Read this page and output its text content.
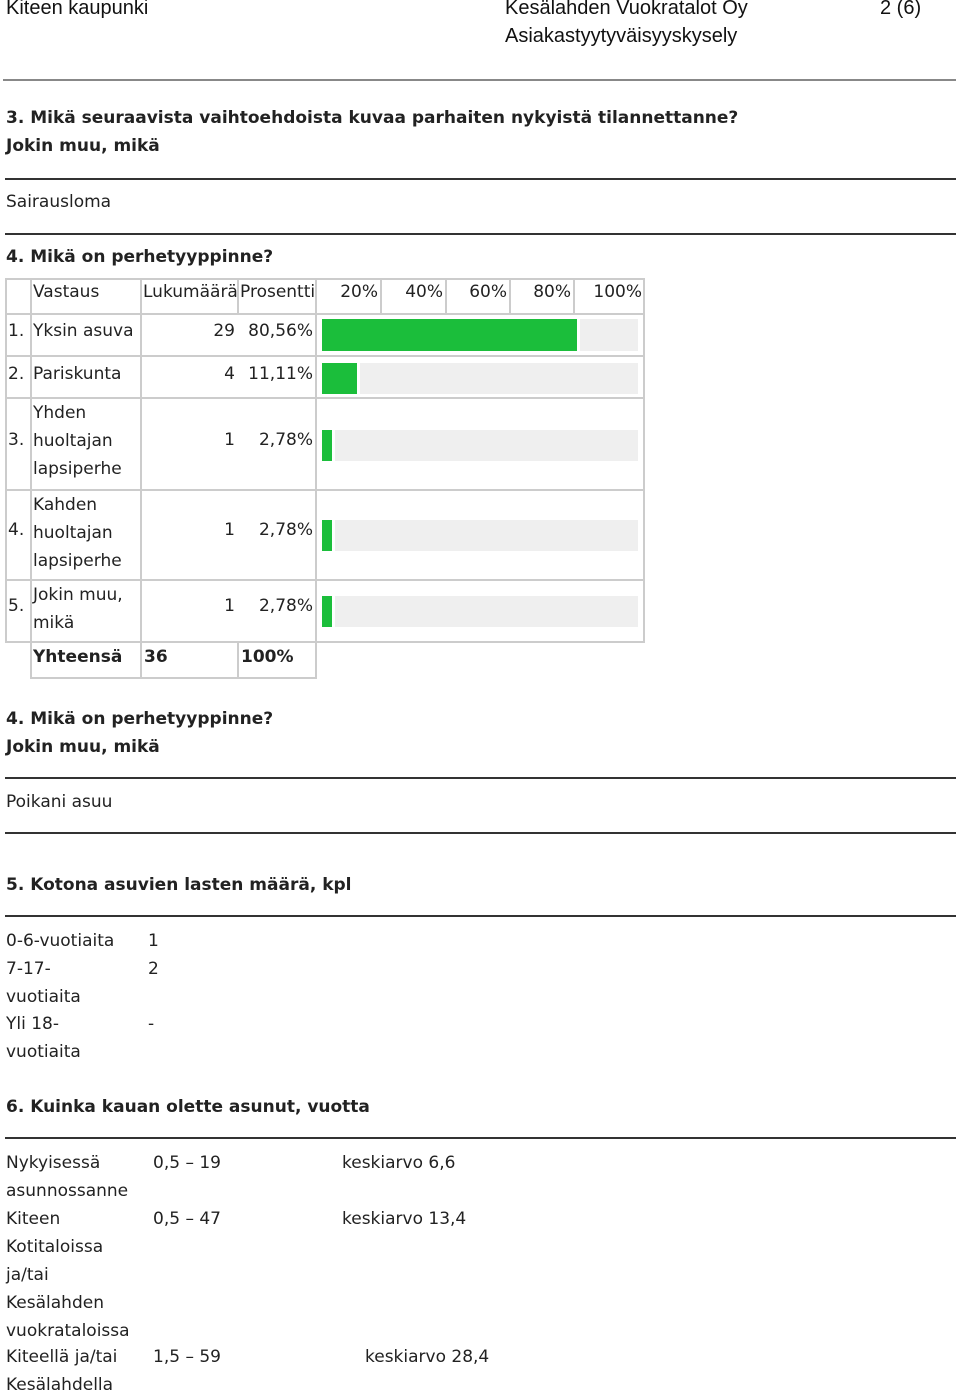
Kiteen kaupunki	Kesälahden Vuokratalot Oy
Asiakastyytyväisyyskysely
2 (6)
3. Mikä seuraavista vaihtoehdoista kuvaa parhaiten nykyistä tilannettanne?
Jokin muu, mikä
Sairausloma
4. Mikä on perhetyyppinne?
Vastaus	Lukumäärä Prosentti	20%	40%	60%	80%	100%
1. Yksin asuva	29 80,56%
2. Pariskunta	4 11,11%
3.
Yhden
huoltajan
lapsiperhe
1	2,78%
4.
Kahden
huoltajan
lapsiperhe
1	2,78%
5.
Jokin muu,
mikä
1	2,78%
Yhteensä 36	100%
4. Mikä on perhetyyppinne?
Jokin muu, mikä
Poikani asuu
5. Kotona asuvien lasten määrä, kpl
0-6-vuotiaita 1
7-17-
vuotiaita
2
Yli 18-
vuotiaita
-
6. Kuinka kauan olette asunut, vuotta
Nykyisessä
asunnossanne
0,5 – 19	keskiarvo 6,6
Kiteen
Kotitaloissa
ja/tai
Kesälahden
vuokrataloissa
0,5 – 47	keskiarvo 13,4
Kiteellä ja/tai
Kesälahdella
1,5 – 59	keskiarvo 28,4
